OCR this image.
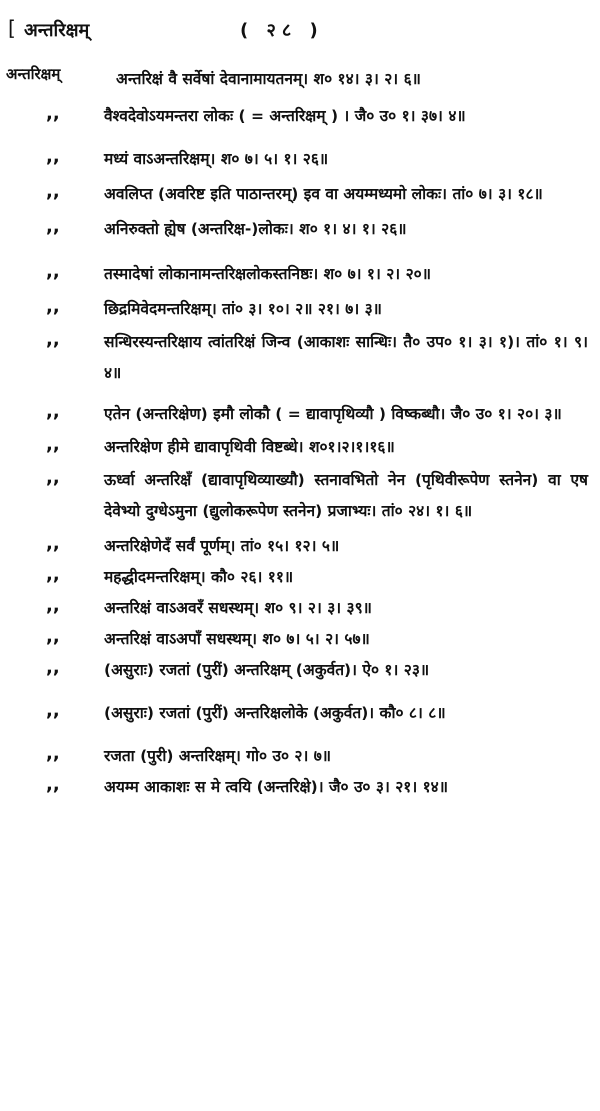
[ अन्तरिक्षम्	( २८ )
अन्तरिक्षम्	अन्तरिक्षं वै सर्वेषां देवानामायतनम्। श० १४। ३। २। ६॥
,,	वैश्वदेवोऽयमन्तरा लोकः ( = अन्तरिक्षम् ) । जै० उ० १। ३७। ४॥
,,	मध्यं वाऽअन्तरिक्षम्। श० ७। ५। १। २६॥
,,	अवलिप्त (अवरिष्ट इति पाठान्तरम्) इव वा अयम्मध्यमो लोकः। तां० ७। ३। १८॥
,,	अनिरुक्तो ह्येष (अन्तरिक्ष-)लोकः। श० १। ४। १। २६॥
,,	तस्मादेषां लोकानामन्तरिक्षलोकस्तनिष्ठः। श० ७। १। २। २०॥
,,	छिद्रमिवेदमन्तरिक्षम्। तां० ३। १०। २॥ २१। ७। ३॥
,,	सन्धिरस्यन्तरिक्षाय त्वांतरिक्षं जिन्व (आकाशः सान्धिः। तै० उप० १। ३। १)। तां० १। ९। ४॥
,,	एतेन (अन्तरिक्षेण) इमौ लोकौ ( = द्यावापृथिव्यौ ) विष्कब्धौ। जै० उ० १। २०। ३॥
,,	अन्तरिक्षेण हीमे द्यावापृथिवी विष्टब्धे। श०१।२।१।१६॥
,,	ऊर्ध्वा अन्तरिक्षँ (द्यावापृथिव्याख्यौ) स्तनावभितो नेन (पृथिवीरूपेण स्तनेन) वा एष देवेभ्यो दुग्धेऽमुना (द्युलोकरूपेण स्तनेन) प्रजाभ्यः। तां० २४। १। ६॥
,,	अन्तरिक्षेणेदँ सर्वं पूर्णम्। तां० १५। १२। ५॥
,,	महद्धीदमन्तरिक्षम्। कौ० २६। ११॥
,,	अन्तरिक्षं वाऽअवरँ सधस्थम्। श० ९। २। ३। ३९॥
,,	अन्तरिक्षं वाऽअपाँ सधस्थम्। श० ७। ५। २। ५७॥
,,	(असुराः) रजतां (पुरीं) अन्तरिक्षम् (अकुर्वत)। ऐ० १। २३॥
,,	(असुराः) रजतां (पुरीं) अन्तरिक्षलोके (अकुर्वत)। कौ० ८। ८॥
,,	रजता (पुरी) अन्तरिक्षम्। गो० उ० २। ७॥
,,	अयम्म आकाशः स मे त्वयि (अन्तरिक्षे)। जै० उ० ३। २१। १४॥
